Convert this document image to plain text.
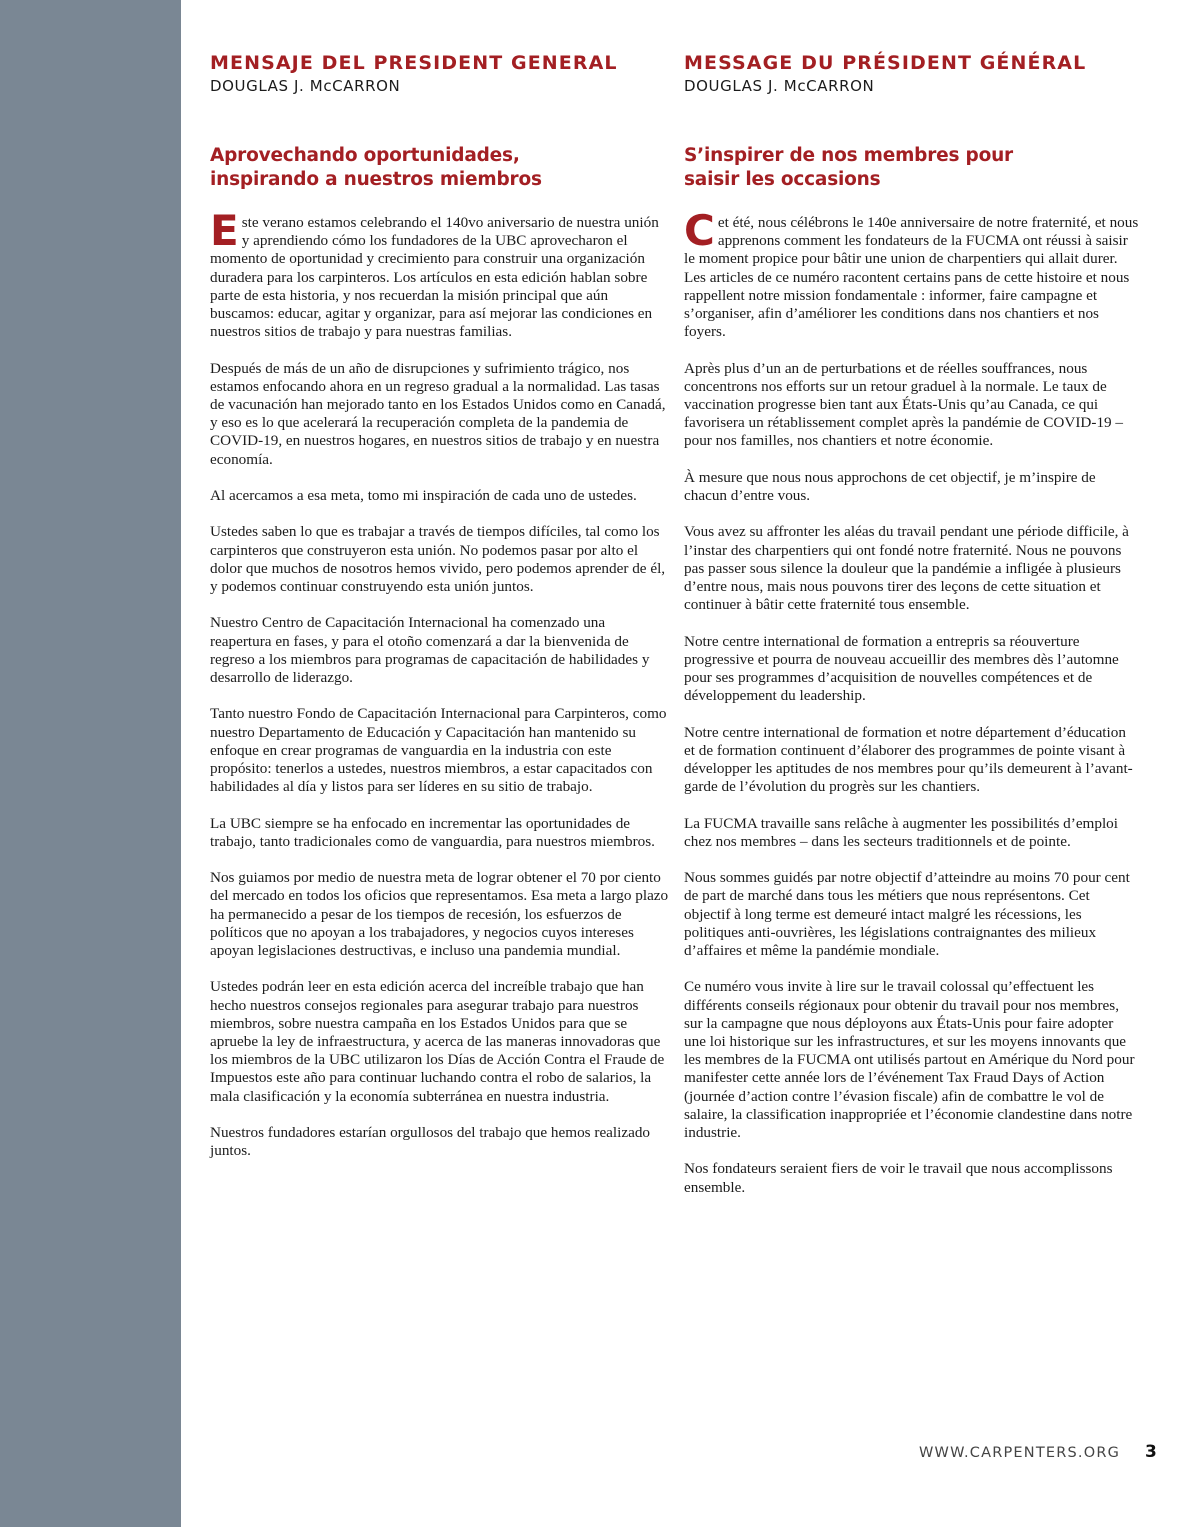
MENSAJE DEL PRESIDENT GENERAL

DOUGLAS J. McCARRON

Aprovechando oportunidades,
inspirando a nuestros miembros

Este verano estamos celebrando el 140vo aniversario de nuestra unión y aprendiendo cómo los fundadores de la UBC aprovecharon el momento de oportunidad y crecimiento para construir una organización duradera para los carpinteros. Los artículos en esta edición hablan sobre parte de esta historia, y nos recuerdan la misión principal que aún buscamos: educar, agitar y organizar, para así mejorar las condiciones en nuestros sitios de trabajo y para nuestras familias.

Después de más de un año de disrupciones y sufrimiento trágico, nos estamos enfocando ahora en un regreso gradual a la normalidad. Las tasas de vacunación han mejorado tanto en los Estados Unidos como en Canadá, y eso es lo que acelerará la recuperación completa de la pandemia de COVID-19, en nuestros hogares, en nuestros sitios de trabajo y en nuestra economía.

Al acercamos a esa meta, tomo mi inspiración de cada uno de ustedes.

Ustedes saben lo que es trabajar a través de tiempos difíciles, tal como los carpinteros que construyeron esta unión. No podemos pasar por alto el dolor que muchos de nosotros hemos vivido, pero podemos aprender de él, y podemos continuar construyendo esta unión juntos.

Nuestro Centro de Capacitación Internacional ha comenzado una reapertura en fases, y para el otoño comenzará a dar la bienvenida de regreso a los miembros para programas de capacitación de habilidades y desarrollo de liderazgo.

Tanto nuestro Fondo de Capacitación Internacional para Carpinteros, como nuestro Departamento de Educación y Capacitación han mantenido su enfoque en crear programas de vanguardia en la industria con este propósito: tenerlos a ustedes, nuestros miembros, a estar capacitados con habilidades al día y listos para ser líderes en su sitio de trabajo.

La UBC siempre se ha enfocado en incrementar las oportunidades de trabajo, tanto tradicionales como de vanguardia, para nuestros miembros.

Nos guiamos por medio de nuestra meta de lograr obtener el 70 por ciento del mercado en todos los oficios que representamos. Esa meta a largo plazo ha permanecido a pesar de los tiempos de recesión, los esfuerzos de políticos que no apoyan a los trabajadores, y negocios cuyos intereses apoyan legislaciones destructivas, e incluso una pandemia mundial.

Ustedes podrán leer en esta edición acerca del increíble trabajo que han hecho nuestros consejos regionales para asegurar trabajo para nuestros miembros, sobre nuestra campaña en los Estados Unidos para que se apruebe la ley de infraestructura, y acerca de las maneras innovadoras que los miembros de la UBC utilizaron los Días de Acción Contra el Fraude de Impuestos este año para continuar luchando contra el robo de salarios, la mala clasificación y la economía subterránea en nuestra industria.

Nuestros fundadores estarían orgullosos del trabajo que hemos realizado juntos.

MESSAGE DU PRÉSIDENT GÉNÉRAL

DOUGLAS J. McCARRON

S’inspirer de nos membres pour
saisir les occasions

Cet été, nous célébrons le 140e anniversaire de notre fraternité, et nous apprenons comment les fondateurs de la FUCMA ont réussi à saisir le moment propice pour bâtir une union de charpentiers qui allait durer. Les articles de ce numéro racontent certains pans de cette histoire et nous rappellent notre mission fondamentale : informer, faire campagne et s’organiser, afin d’améliorer les conditions dans nos chantiers et nos foyers.

Après plus d’un an de perturbations et de réelles souffrances, nous concentrons nos efforts sur un retour graduel à la normale. Le taux de vaccination progresse bien tant aux États-Unis qu’au Canada, ce qui favorisera un rétablissement complet après la pandémie de COVID-19 – pour nos familles, nos chantiers et notre économie.

À mesure que nous nous approchons de cet objectif, je m’inspire de chacun d’entre vous.

Vous avez su affronter les aléas du travail pendant une période difficile, à l’instar des charpentiers qui ont fondé notre fraternité. Nous ne pouvons pas passer sous silence la douleur que la pandémie a infligée à plusieurs d’entre nous, mais nous pouvons tirer des leçons de cette situation et continuer à bâtir cette fraternité tous ensemble.

Notre centre international de formation a entrepris sa réouverture progressive et pourra de nouveau accueillir des membres dès l’automne pour ses programmes d’acquisition de nouvelles compétences et de développement du leadership.

Notre centre international de formation et notre département d’éducation et de formation continuent d’élaborer des programmes de pointe visant à développer les aptitudes de nos membres pour qu’ils demeurent à l’avant-garde de l’évolution du progrès sur les chantiers.

La FUCMA travaille sans relâche à augmenter les possibilités d’emploi chez nos membres – dans les secteurs traditionnels et de pointe.

Nous sommes guidés par notre objectif d’atteindre au moins 70 pour cent de part de marché dans tous les métiers que nous représentons. Cet objectif à long terme est demeuré intact malgré les récessions, les politiques anti-ouvrières, les législations contraignantes des milieux d’affaires et même la pandémie mondiale.

Ce numéro vous invite à lire sur le travail colossal qu’effectuent les différents conseils régionaux pour obtenir du travail pour nos membres, sur la campagne que nous déployons aux États-Unis pour faire adopter une loi historique sur les infrastructures, et sur les moyens innovants que les membres de la FUCMA ont utilisés partout en Amérique du Nord pour manifester cette année lors de l’événement Tax Fraud Days of Action (journée d’action contre l’évasion fiscale) afin de combattre le vol de salaire, la classification inappropriée et l’économie clandestine dans notre industrie.

Nos fondateurs seraient fiers de voir le travail que nous accomplissons ensemble.

WWW.CARPENTERS.ORG 3
